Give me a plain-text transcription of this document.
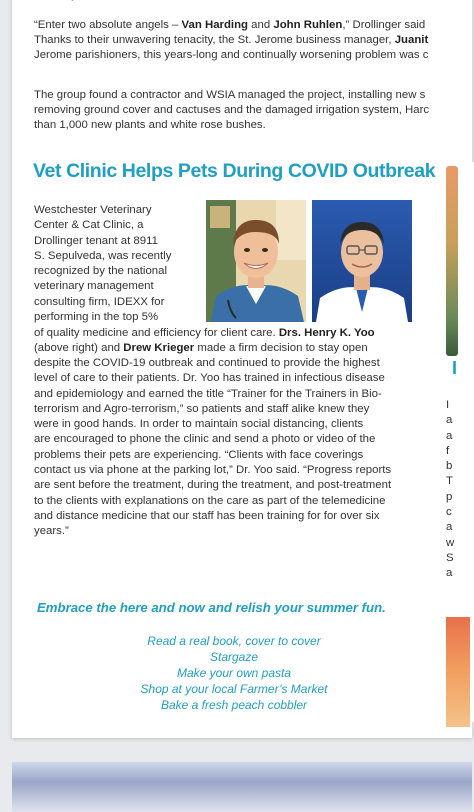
“Enter two absolute angels – Van Harding and John Ruhlen,” Drollinger said
Thanks to their unwavering tenacity, the St. Jerome business manager, Juanit
Jerome parishioners, this years-long and continually worsening problem was c
The group found a contractor and WSIA managed the project, installing new s
removing ground cover and cactuses and the damaged irrigation system, Harc
than 1,000 new plants and white rose bushes.
Vet Clinic Helps Pets During COVID Outbreak
Westchester Veterinary
Center & Cat Clinic, a
Drollinger tenant at 8911
S. Sepulveda, was recently
recognized by the national
veterinary management
consulting firm, IDEXX for
performing in the top 5%
of quality medicine and efficiency for client care. Drs. Henry K. Yoo
(above right) and Drew Krieger made a firm decision to stay open
despite the COVID-19 outbreak and continued to provide the highest
level of care to their patients. Dr. Yoo has trained in infectious disease
and epidemiology and earned the title “Trainer for the Trainers in Bio-
terrorism and Agro-terrorism,” so patients and staff alike knew they
were in good hands. In order to maintain social distancing, clients
are encouraged to phone the clinic and send a photo or video of the
problems their pets are experiencing. “Clients with face coverings
contact us via phone at the parking lot,” Dr. Yoo said. “Progress reports
are sent before the treatment, during the treatment, and post-treatment
to the clients with explanations on the care as part of the telemedicine
and distance medicine that our staff has been training for for over six
years.”
Embrace the here and now and relish your summer fun.
Read a real book, cover to cover
Stargaze
Make your own pasta
Shop at your local Farmer’s Market
Bake a fresh peach cobbler
I
I
a
a
f
b
T
p
c
a
w
S
a
